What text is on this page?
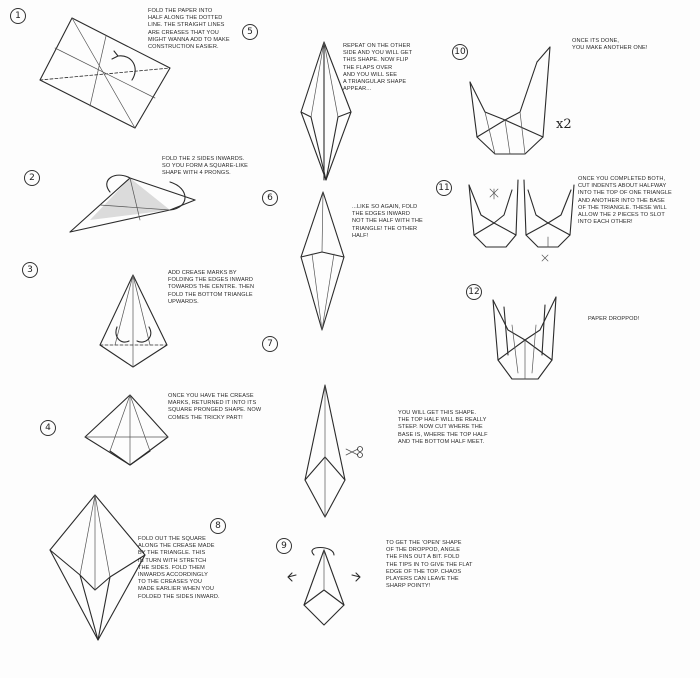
1	FOLD THE PAPER INTO
HALF ALONG THE DOTTED
LINE. THE STRAIGHT LINES
ARE CREASES THAT YOU
MIGHT WANNA ADD TO MAKE
CONSTRUCTION EASIER.
2
FOLD THE 2 SIDES INWARDS.
SO YOU FORM A SQUARE-LIKE
SHAPE WITH 4 PRONGS.
3	ADD CREASE MARKS BY
FOLDING THE EDGES INWARD
TOWARDS THE CENTRE. THEN
FOLD THE BOTTOM TRIANGLE
UPWARDS.
4
ONCE YOU HAVE THE CREASE
MARKS, RETURNED IT INTO ITS
SQUARE PRONGED SHAPE. NOW
COMES THE TRICKY PART!
8
FOLD OUT THE SQUARE
ALONG THE CREASE MADE
BY THE TRIANGLE. THIS
IN TURN WITH STRETCH
THE SIDES. FOLD THEM
INWARDS ACCORDINGLY
TO THE CREASES YOU
MADE EARLIER WHEN YOU
FOLDED THE SIDES INWARD.
5
REPEAT ON THE OTHER
SIDE AND YOU WILL GET
THIS SHAPE. NOW FLIP
THE FLAPS OVER
AND YOU WILL SEE
A TRIANGULAR SHAPE
APPEAR...
6
...LIKE SO AGAIN, FOLD
THE EDGES INWARD
NOT THE HALF WITH THE
TRIANGLE! THE OTHER
HALF!
7
YOU WILL GET THIS SHAPE.
THE TOP HALF WILL BE REALLY
STEEP. NOW CUT WHERE THE
BASE IS, WHERE THE TOP HALF
AND THE BOTTOM HALF MEET.
9	TO GET THE 'OPEN' SHAPE
OF THE DROPPOD, ANGLE
THE FINS OUT A BIT. FOLD
THE TIPS IN TO GIVE THE FLAT
EDGE OF THE TOP. CHAOS
PLAYERS CAN LEAVE THE
SHARP POINTY!
10
ONCE ITS DONE,
YOU MAKE ANOTHER ONE!
x2
11
ONCE YOU COMPLETED BOTH,
CUT INDENTS ABOUT HALFWAY
INTO THE TOP OF ONE TRIANGLE
AND ANOTHER INTO THE BASE
OF THE TRIANGLE. THESE WILL
ALLOW THE 2 PIECES TO SLOT
INTO EACH OTHER!
12
PAPER DROPPOD!
